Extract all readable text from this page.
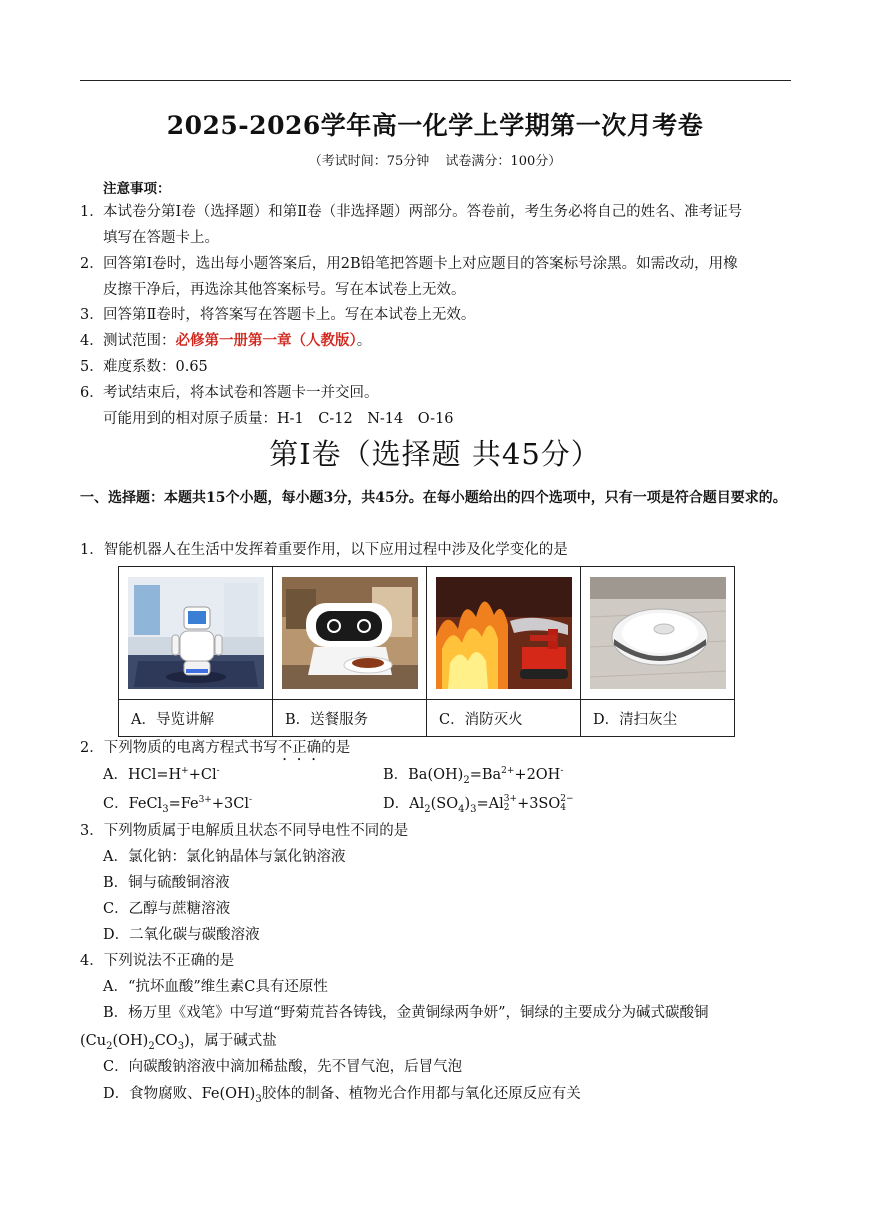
2025-2026学年高一化学上学期第一次月考卷
（考试时间：75分钟 试卷满分：100分）
注意事项：
1．本试卷分第Ⅰ卷（选择题）和第Ⅱ卷（非选择题）两部分。答卷前，考生务必将自己的姓名、准考证号
填写在答题卡上。
2．回答第Ⅰ卷时，选出每小题答案后，用2B铅笔把答题卡上对应题目的答案标号涂黑。如需改动，用橡
皮擦干净后，再选涂其他答案标号。写在本试卷上无效。
3．回答第Ⅱ卷时，将答案写在答题卡上。写在本试卷上无效。
4．测试范围：必修第一册第一章（人教版）。
5．难度系数：0.65
6．考试结束后，将本试卷和答题卡一并交回。
可能用到的相对原子质量：H-1　C-12　N-14　O-16
第Ⅰ卷（选择题 共45分）
一、选择题：本题共15个小题，每小题3分，共45分。在每小题给出的四个选项中，只有一项是符合题目要求的。
1．智能机器人在生活中发挥着重要作用，以下应用过程中涉及化学变化的是

A．导览讲解	B．送餐服务	C．消防灭火	D．清扫灰尘
2．下列物质的电离方程式书写不正确的是
A．HCl=H++Cl-	B．$Ba(OH)_2=Ba^{2+}+2OH^-$
C．$FeCl_3=Fe^{3+}+3Cl^-$	D．$Al_2(SO_4)_3=Al3+$
2 +3SO2−
4
3．下列物质属于电解质且状态不同导电性不同的是
A．氯化钠：氯化钠晶体与氯化钠溶液
B．铜与硫酸铜溶液
C．乙醇与蔗糖溶液
D．二氧化碳与碳酸溶液
4．下列说法不正确的是
A．“抗坏血酸”维生素C具有还原性
B．杨万里《戏笔》中写道“野菊荒苔各铸钱，金黄铜绿两争妍”，铜绿的主要成分为碱式碳酸铜
$(Cu_2(OH)_2CO_3)$，属于碱式盐
C．向碳酸钠溶液中滴加稀盐酸，先不冒气泡，后冒气泡
D．食物腐败、$Fe(OH)_3$胶体的制备、植物光合作用都与氧化还原反应有关
